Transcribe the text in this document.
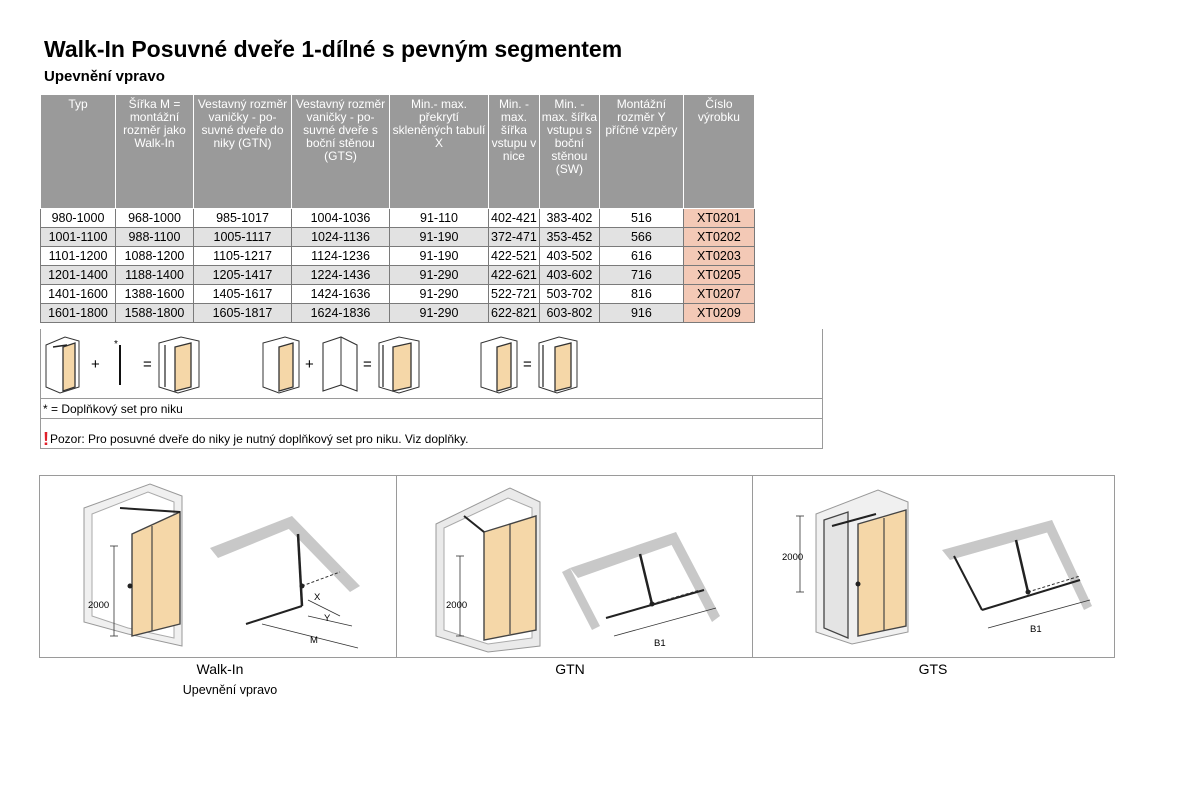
Walk-In Posuvné dveře 1-dílné s pevným segmentem
Upevnění vpravo
Typ	Šířka M = montážní rozměr jako Walk-In	Vestavný rozměr vaničky - po-suvné dveře do niky (GTN)	Vestavný rozměr vaničky - po-suvné dveře s boční stěnou (GTS)	Min.- max. překrytí skleněných tabulí X	Min. - max. šířka vstupu v nice	Min. - max. šířka vstupu s boční stěnou (SW)	Montážní rozměr Y příčné vzpěry	Číslo výrobku
980-1000	968-1000	985-1017	1004-1036	91-110	402-421	383-402	516	XT0201
1001-1100	988-1100	1005-1117	1024-1136	91-190	372-471	353-452	566	XT0202
1101-1200	1088-1200	1105-1217	1124-1236	91-190	422-521	403-502	616	XT0203
1201-1400	1188-1400	1205-1417	1224-1436	91-290	422-621	403-602	716	XT0205
1401-1600	1388-1600	1405-1617	1424-1636	91-290	522-721	503-702	816	XT0207
1601-1800	1588-1800	1605-1817	1624-1836	91-290	622-821	603-802	916	XT0209
+
*
=	+	=	=
* = Doplňkový set pro niku
!Pozor: Pro posuvné dveře do niky je nutný doplňkový set pro niku. Viz doplňky.
2000
X
Y
M
2000
B1
2000
B1
Walk-In
Upevnění vpravo
GTN	GTS
